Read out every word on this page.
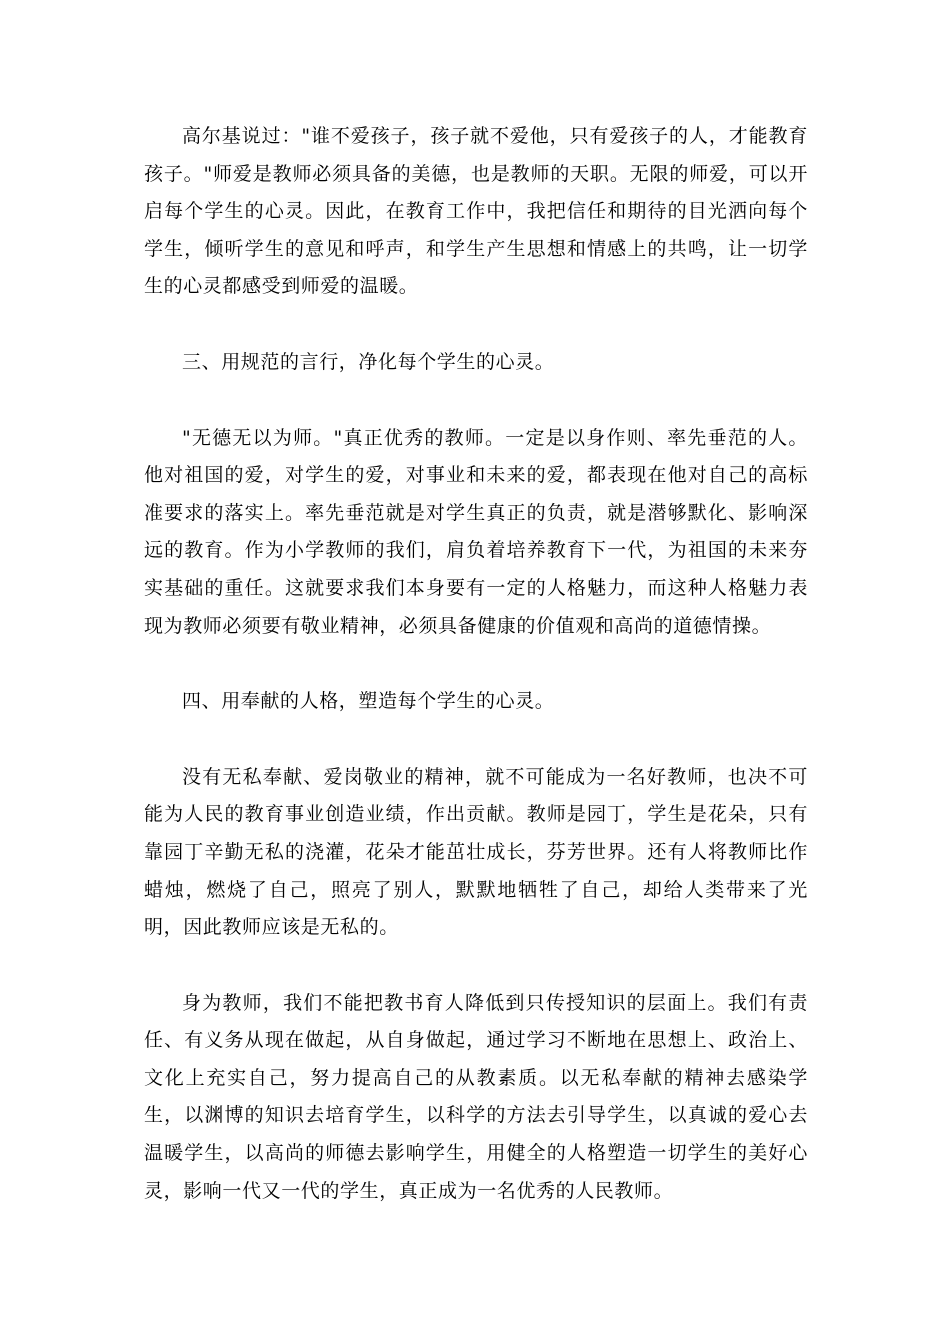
高尔基说过："谁不爱孩子，孩子就不爱他，只有爱孩子的人，才能教育孩子。"师爱是教师必须具备的美德，也是教师的天职。无限的师爱，可以开启每个学生的心灵。因此，在教育工作中，我把信任和期待的目光洒向每个学生，倾听学生的意见和呼声，和学生产生思想和情感上的共鸣，让一切学生的心灵都感受到师爱的温暖。

三、用规范的言行，净化每个学生的心灵。

"无德无以为师。"真正优秀的教师。一定是以身作则、率先垂范的人。他对祖国的爱，对学生的爱，对事业和未来的爱，都表现在他对自己的高标准要求的落实上。率先垂范就是对学生真正的负责，就是潜够默化、影响深远的教育。作为小学教师的我们，肩负着培养教育下一代，为祖国的未来夯实基础的重任。这就要求我们本身要有一定的人格魅力，而这种人格魅力表现为教师必须要有敬业精神，必须具备健康的价值观和高尚的道德情操。

四、用奉献的人格，塑造每个学生的心灵。

没有无私奉献、爱岗敬业的精神，就不可能成为一名好教师，也决不可能为人民的教育事业创造业绩，作出贡献。教师是园丁，学生是花朵，只有靠园丁辛勤无私的浇灌，花朵才能茁壮成长，芬芳世界。还有人将教师比作蜡烛，燃烧了自己，照亮了别人，默默地牺牲了自己，却给人类带来了光明，因此教师应该是无私的。

身为教师，我们不能把教书育人降低到只传授知识的层面上。我们有责任、有义务从现在做起，从自身做起，通过学习不断地在思想上、政治上、文化上充实自己，努力提高自己的从教素质。以无私奉献的精神去感染学生，以渊博的知识去培育学生，以科学的方法去引导学生，以真诚的爱心去温暖学生，以高尚的师德去影响学生，用健全的人格塑造一切学生的美好心灵，影响一代又一代的学生，真正成为一名优秀的人民教师。
